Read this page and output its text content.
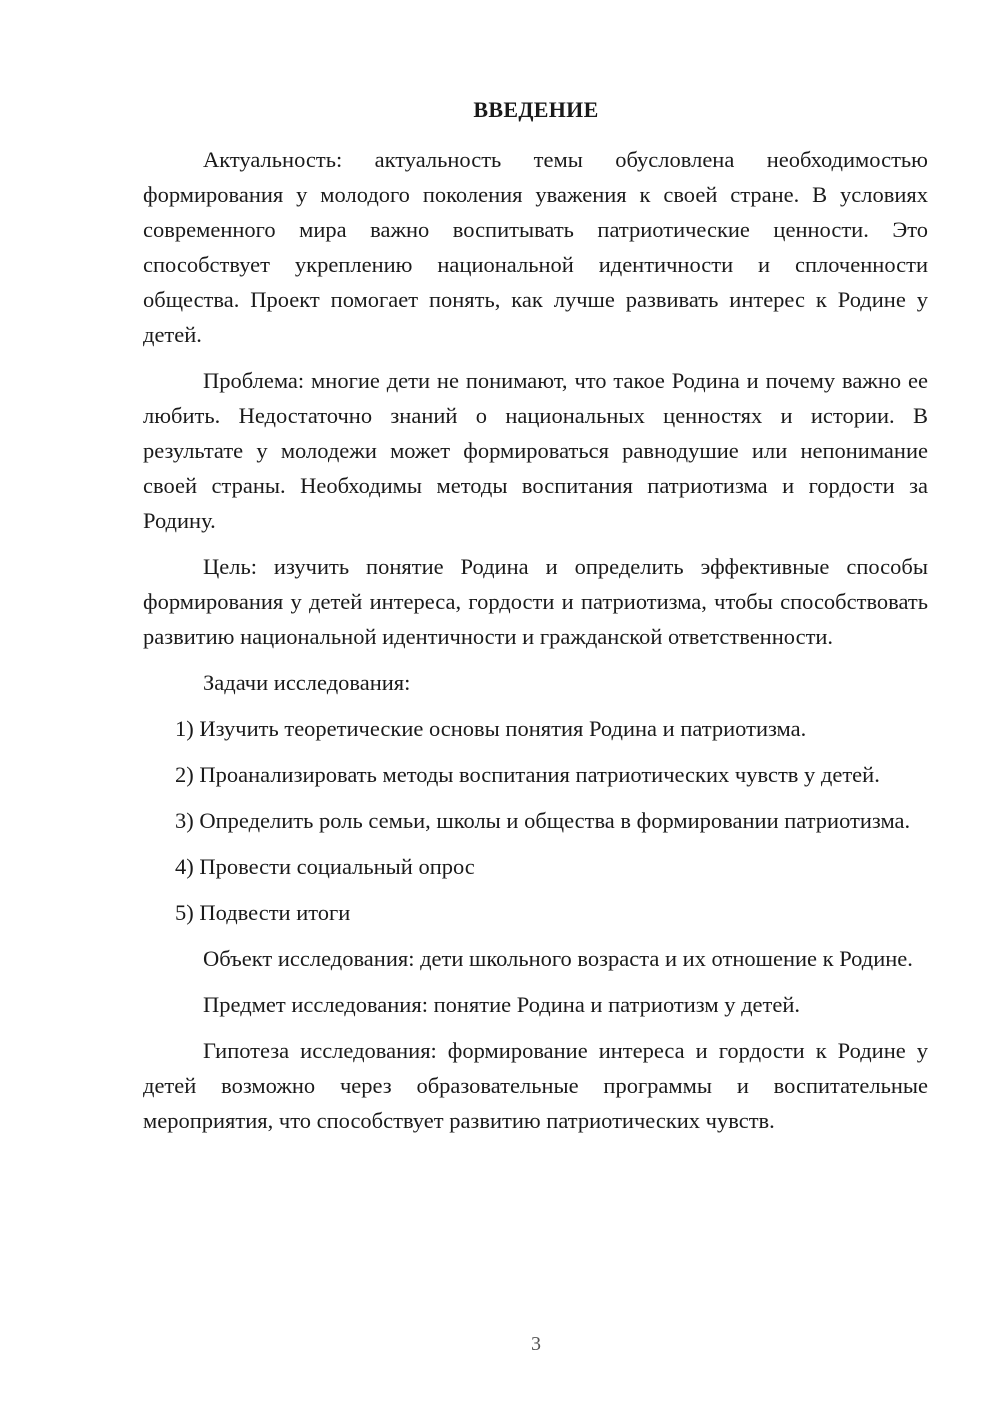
ВВЕДЕНИЕ

Актуальность: актуальность темы обусловлена необходимостью формирования у молодого поколения уважения к своей стране. В условиях современного мира важно воспитывать патриотические ценности. Это способствует укреплению национальной идентичности и сплоченности общества. Проект помогает понять, как лучше развивать интерес к Родине у детей.

Проблема: многие дети не понимают, что такое Родина и почему важно ее любить. Недостаточно знаний о национальных ценностях и истории. В результате у молодежи может формироваться равнодушие или непонимание своей страны. Необходимы методы воспитания патриотизма и гордости за Родину.

Цель: изучить понятие Родина и определить эффективные способы формирования у детей интереса, гордости и патриотизма, чтобы способствовать развитию национальной идентичности и гражданской ответственности.

Задачи исследования:

1) Изучить теоретические основы понятия Родина и патриотизма.

2) Проанализировать методы воспитания патриотических чувств у детей.

3) Определить роль семьи, школы и общества в формировании патриотизма.

4) Провести социальный опрос

5) Подвести итоги

Объект исследования: дети школьного возраста и их отношение к Родине.

Предмет исследования: понятие Родина и патриотизм у детей.

Гипотеза исследования: формирование интереса и гордости к Родине у детей возможно через образовательные программы и воспитательные мероприятия, что способствует развитию патриотических чувств.

3
